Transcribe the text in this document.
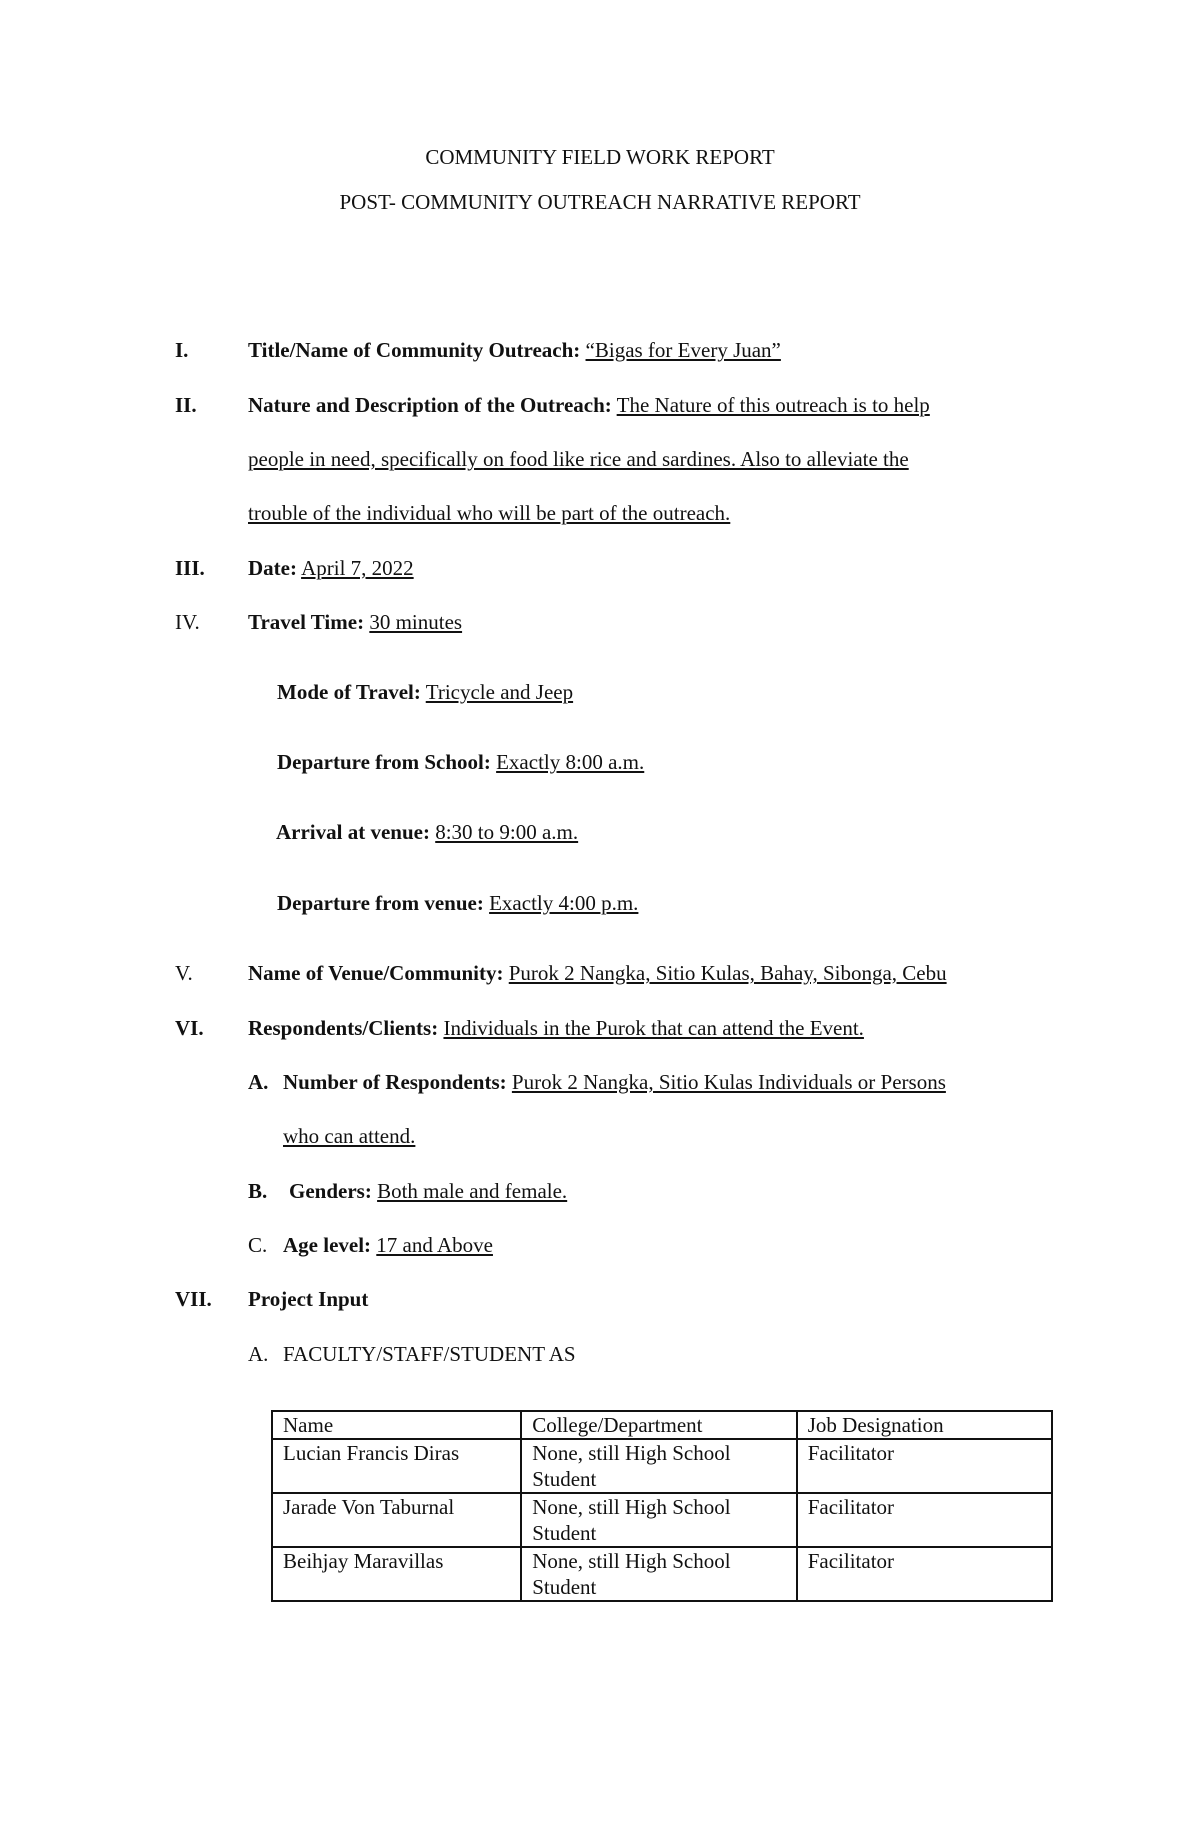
COMMUNITY FIELD WORK REPORT
POST- COMMUNITY OUTREACH NARRATIVE REPORT
I.	Title/Name of Community Outreach: “Bigas for Every Juan”
II. Nature and Description of the Outreach: The Nature of this outreach is to help
people in need, specifically on food like rice and sardines. Also to alleviate the
trouble of the individual who will be part of the outreach.
III. Date: April 7, 2022
IV. Travel Time: 30 minutes
Mode of Travel: Tricycle and Jeep
Departure from School: Exactly 8:00 a.m.
Arrival at venue: 8:30 to 9:00 a.m.
Departure from venue: Exactly 4:00 p.m.
V.	Name of Venue/Community: Purok 2 Nangka, Sitio Kulas, Bahay, Sibonga, Cebu
VI. Respondents/Clients: Individuals in the Purok that can attend the Event.
A. Number of Respondents: Purok 2 Nangka, Sitio Kulas Individuals or Persons
who can attend.
B. Genders: Both male and female.
C. Age level: 17 and Above
VII. Project Input
A. FACULTY/STAFF/STUDENT AS
Name	College/Department	Job Designation
Lucian Francis Diras	None, still High School Student	Facilitator
Jarade Von Taburnal	None, still High School Student	Facilitator
Beihjay Maravillas	None, still High School Student	Facilitator
